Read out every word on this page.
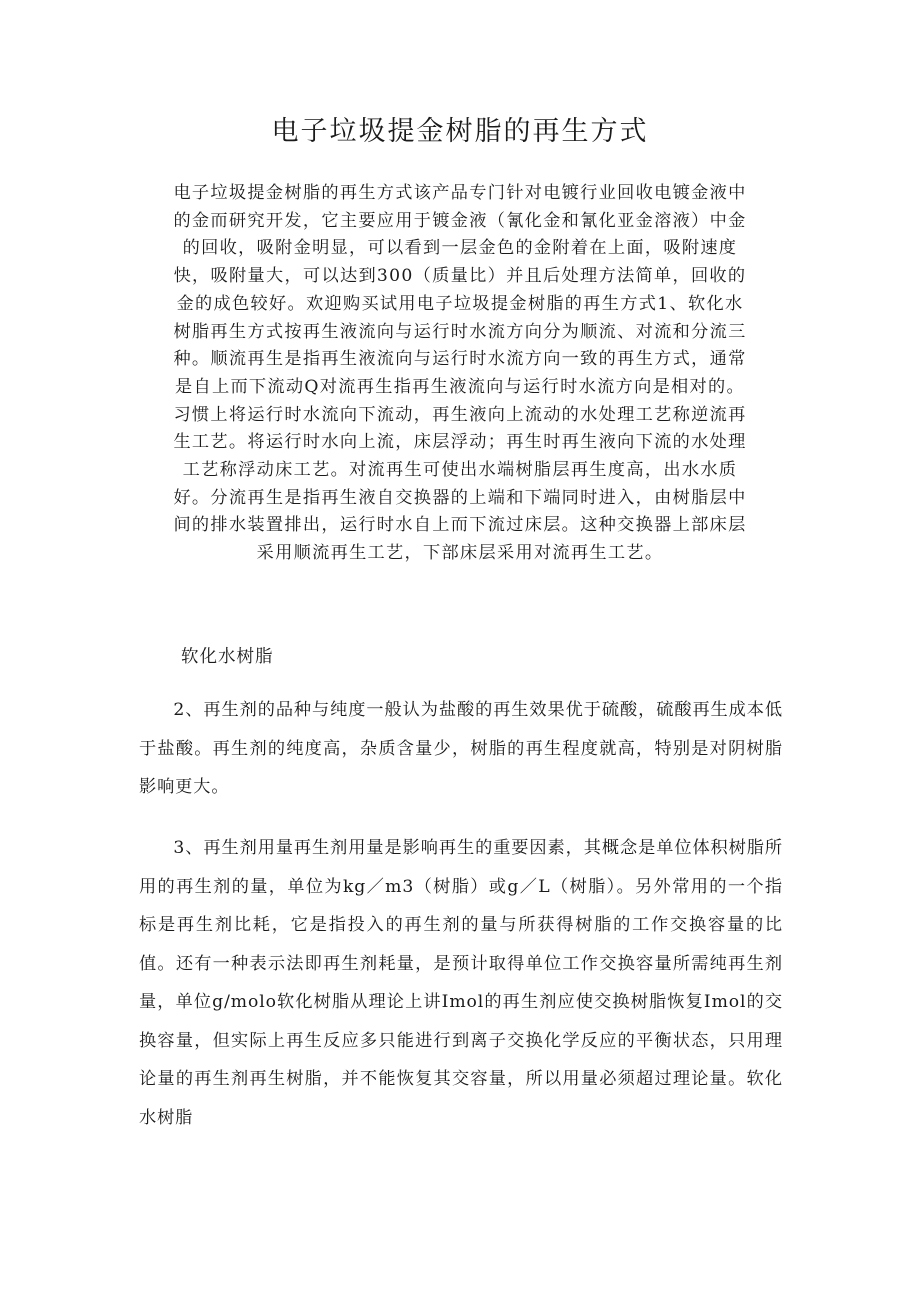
电子垃圾提金树脂的再生方式

电子垃圾提金树脂的再生方式该产品专门针对电镀行业回收电镀金液中的金而研究开发，它主要应用于镀金液（氰化金和氰化亚金溶液）中金的回收，吸附金明显，可以看到一层金色的金附着在上面，吸附速度快，吸附量大，可以达到300（质量比）并且后处理方法简单，回收的金的成色较好。欢迎购买试用电子垃圾提金树脂的再生方式1、软化水树脂再生方式按再生液流向与运行时水流方向分为顺流、对流和分流三种。顺流再生是指再生液流向与运行时水流方向一致的再生方式，通常是自上而下流动Q对流再生指再生液流向与运行时水流方向是相对的。习惯上将运行时水流向下流动，再生液向上流动的水处理工艺称逆流再生工艺。将运行时水向上流，床层浮动；再生时再生液向下流的水处理工艺称浮动床工艺。对流再生可使出水端树脂层再生度高，出水水质好。分流再生是指再生液自交换器的上端和下端同时进入，由树脂层中间的排水装置排出，运行时水自上而下流过床层。这种交换器上部床层采用顺流再生工艺，下部床层采用对流再生工艺。

软化水树脂

2、再生剂的品种与纯度一般认为盐酸的再生效果优于硫酸，硫酸再生成本低于盐酸。再生剂的纯度高，杂质含量少，树脂的再生程度就高，特别是对阴树脂影响更大。

3、再生剂用量再生剂用量是影响再生的重要因素，其概念是单位体积树脂所用的再生剂的量，单位为kg／m3（树脂）或g／L（树脂）。另外常用的一个指标是再生剂比耗，它是指投入的再生剂的量与所获得树脂的工作交换容量的比值。还有一种表示法即再生剂耗量，是预计取得单位工作交换容量所需纯再生剂量，单位g/molo软化树脂从理论上讲Imol的再生剂应使交换树脂恢复Imol的交换容量，但实际上再生反应多只能进行到离子交换化学反应的平衡状态，只用理论量的再生剂再生树脂，并不能恢复其交容量，所以用量必须超过理论量。软化水树脂
